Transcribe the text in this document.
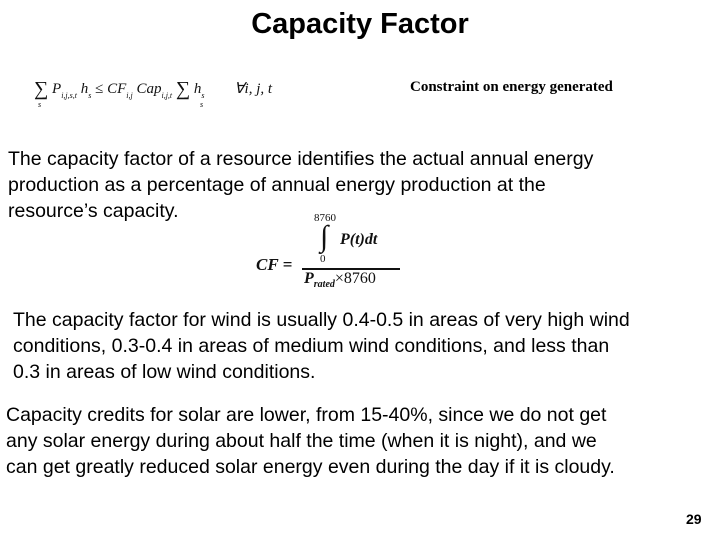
Capacity Factor
∑
s
$P_{i,j,s,t}$ $h_s \le CF_{i,j}$ Cap$_{i,j,t}$ ∑
s
$h_s$ ∀i, j, t	Constraint on energy generated
The capacity factor of a resource identifies the actual annual energy
production as a percentage of annual energy production at the
resource’s capacity.
CF =
8760
∫ P(t)dt
0
$P_{rated}\times 8760$
The capacity factor for wind is usually 0.4-0.5 in areas of very high wind
conditions, 0.3-0.4 in areas of medium wind conditions, and less than
0.3 in areas of low wind conditions.
Capacity credits for solar are lower, from 15-40%, since we do not get
any solar energy during about half the time (when it is night), and we
can get greatly reduced solar energy even during the day if it is cloudy.
29
